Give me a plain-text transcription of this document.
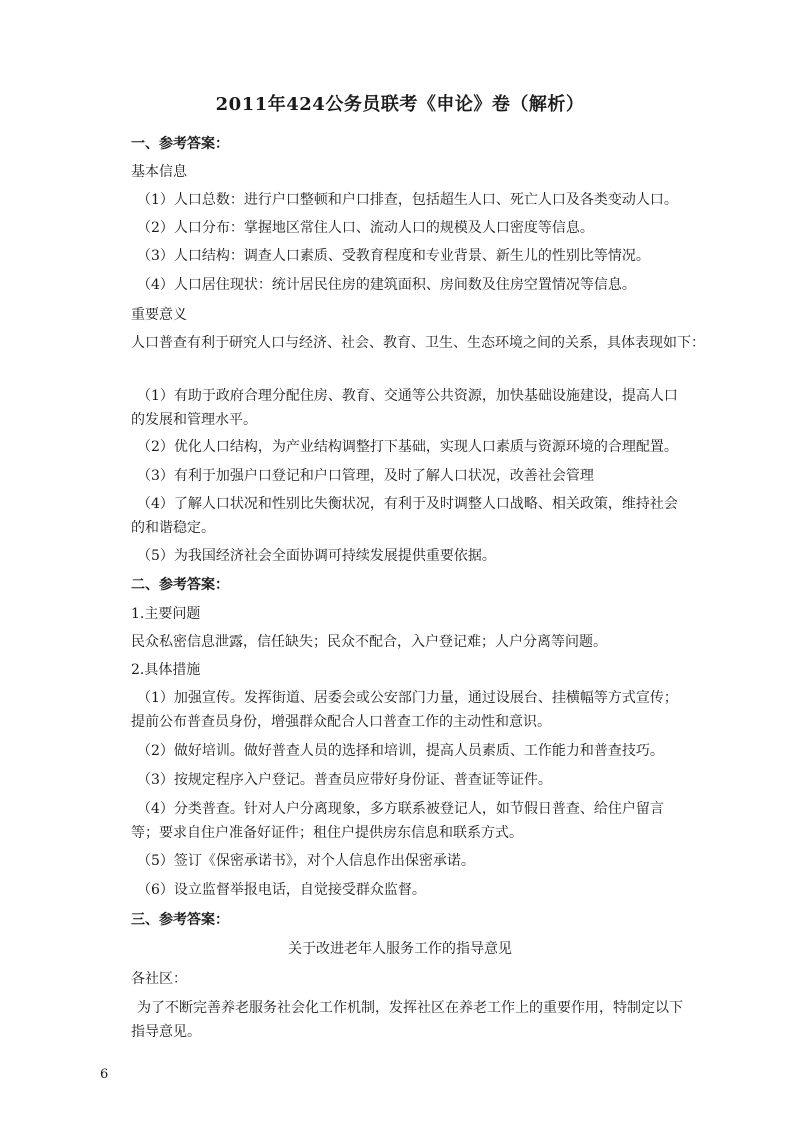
2011年424公务员联考《申论》卷（解析）
一、参考答案：
基本信息
（1）人口总数：进行户口整顿和户口排查，包括超生人口、死亡人口及各类变动人口。
（2）人口分布：掌握地区常住人口、流动人口的规模及人口密度等信息。
（3）人口结构：调查人口素质、受教育程度和专业背景、新生儿的性别比等情况。
（4）人口居住现状：统计居民住房的建筑面积、房间数及住房空置情况等信息。
重要意义
人口普查有利于研究人口与经济、社会、教育、卫生、生态环境之间的关系，具体表现如下：
（1）有助于政府合理分配住房、教育、交通等公共资源，加快基础设施建设，提高人口的发展和管理水平。
（2）优化人口结构，为产业结构调整打下基础，实现人口素质与资源环境的合理配置。
（3）有利于加强户口登记和户口管理，及时了解人口状况，改善社会管理
（4）了解人口状况和性别比失衡状况，有利于及时调整人口战略、相关政策，维持社会的和谐稳定。
（5）为我国经济社会全面协调可持续发展提供重要依据。
二、参考答案：
1.主要问题
民众私密信息泄露，信任缺失；民众不配合，入户登记难；人户分离等问题。
2.具体措施
（1）加强宣传。发挥街道、居委会或公安部门力量，通过设展台、挂横幅等方式宣传；提前公布普查员身份，增强群众配合人口普查工作的主动性和意识。
（2）做好培训。做好普查人员的选择和培训，提高人员素质、工作能力和普查技巧。
（3）按规定程序入户登记。普查员应带好身份证、普查证等证件。
（4）分类普查。针对人户分离现象，多方联系被登记人，如节假日普查、给住户留言等；要求自住户准备好证件；租住户提供房东信息和联系方式。
（5）签订《保密承诺书》，对个人信息作出保密承诺。
（6）设立监督举报电话，自觉接受群众监督。
三、参考答案：
关于改进老年人服务工作的指导意见
各社区：
为了不断完善养老服务社会化工作机制，发挥社区在养老工作上的重要作用，特制定以下指导意见。
6
